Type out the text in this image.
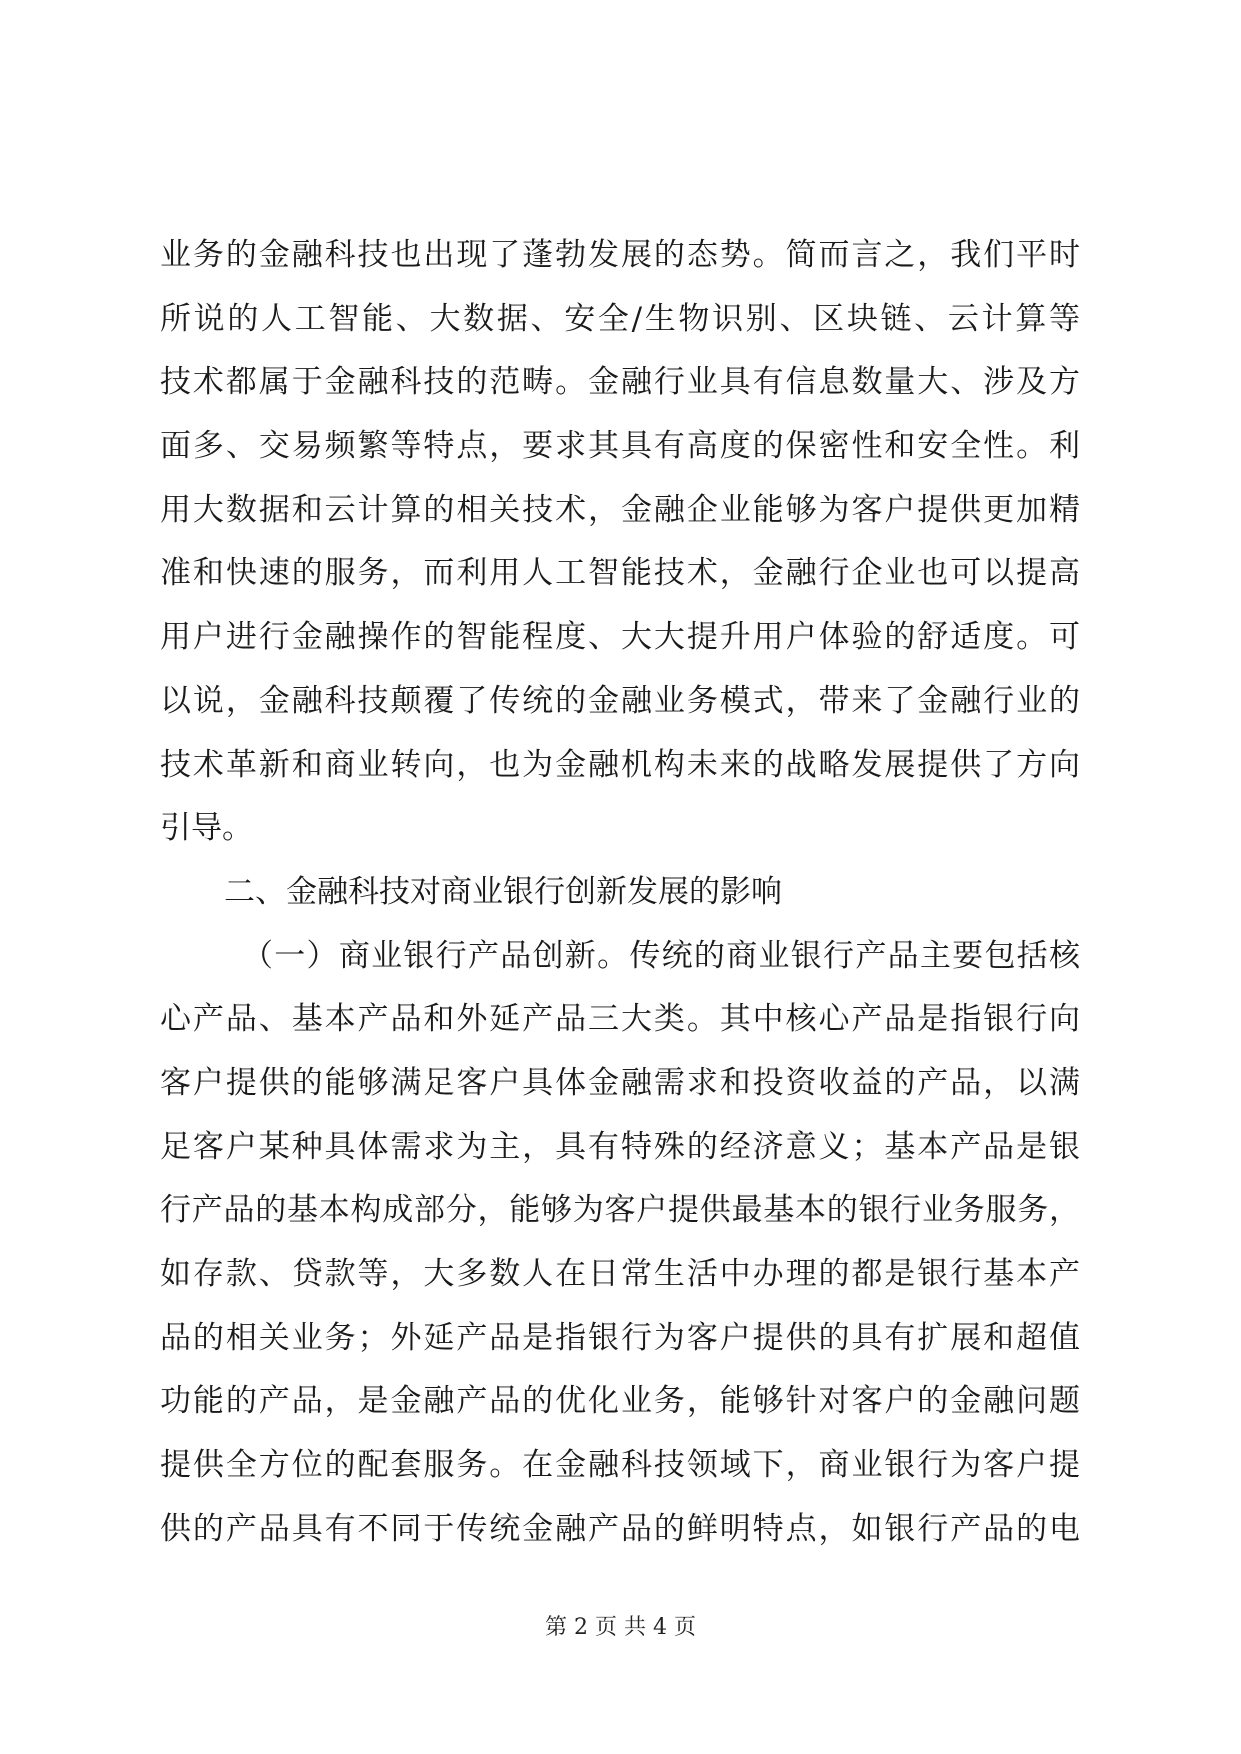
业务的金融科技也出现了蓬勃发展的态势。简而言之，我们平时
所说的人工智能、大数据、安全/生物识别、区块链、云计算等
技术都属于金融科技的范畴。金融行业具有信息数量大、涉及方
面多、交易频繁等特点，要求其具有高度的保密性和安全性。利
用大数据和云计算的相关技术，金融企业能够为客户提供更加精
准和快速的服务，而利用人工智能技术，金融行企业也可以提高
用户进行金融操作的智能程度、大大提升用户体验的舒适度。可
以说，金融科技颠覆了传统的金融业务模式，带来了金融行业的
技术革新和商业转向，也为金融机构未来的战略发展提供了方向
引导。
二、金融科技对商业银行创新发展的影响
（一）商业银行产品创新。传统的商业银行产品主要包括核
心产品、基本产品和外延产品三大类。其中核心产品是指银行向
客户提供的能够满足客户具体金融需求和投资收益的产品，以满
足客户某种具体需求为主，具有特殊的经济意义；基本产品是银
行产品的基本构成部分，能够为客户提供最基本的银行业务服务，
如存款、贷款等，大多数人在日常生活中办理的都是银行基本产
品的相关业务；外延产品是指银行为客户提供的具有扩展和超值
功能的产品，是金融产品的优化业务，能够针对客户的金融问题
提供全方位的配套服务。在金融科技领域下，商业银行为客户提
供的产品具有不同于传统金融产品的鲜明特点，如银行产品的电
第 2 页 共 4 页
